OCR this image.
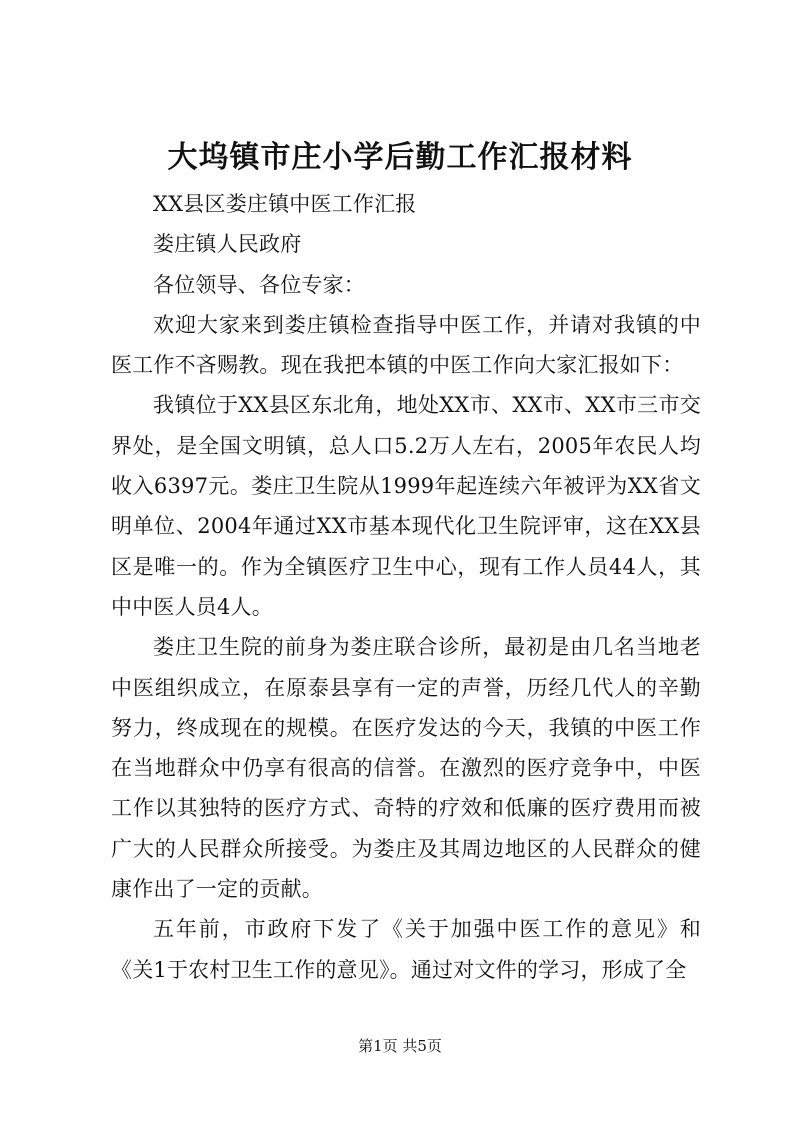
大坞镇市庄小学后勤工作汇报材料

XX县区娄庄镇中医工作汇报

娄庄镇人民政府

各位领导、各位专家：

欢迎大家来到娄庄镇检查指导中医工作，并请对我镇的中医工作不吝赐教。现在我把本镇的中医工作向大家汇报如下：

我镇位于XX县区东北角，地处XX市、XX市、XX市三市交界处，是全国文明镇，总人口5.2万人左右，2005年农民人均收入6397元。娄庄卫生院从1999年起连续六年被评为XX省文明单位、2004年通过XX市基本现代化卫生院评审，这在XX县区是唯一的。作为全镇医疗卫生中心，现有工作人员44人，其中中医人员4人。

娄庄卫生院的前身为娄庄联合诊所，最初是由几名当地老中医组织成立，在原泰县享有一定的声誉，历经几代人的辛勤努力，终成现在的规模。在医疗发达的今天，我镇的中医工作在当地群众中仍享有很高的信誉。在激烈的医疗竞争中，中医工作以其独特的医疗方式、奇特的疗效和低廉的医疗费用而被广大的人民群众所接受。为娄庄及其周边地区的人民群众的健康作出了一定的贡献。

五年前，市政府下发了《关于加强中医工作的意见》和《关1于农村卫生工作的意见》。通过对文件的学习，形成了全

第1页 共5页
